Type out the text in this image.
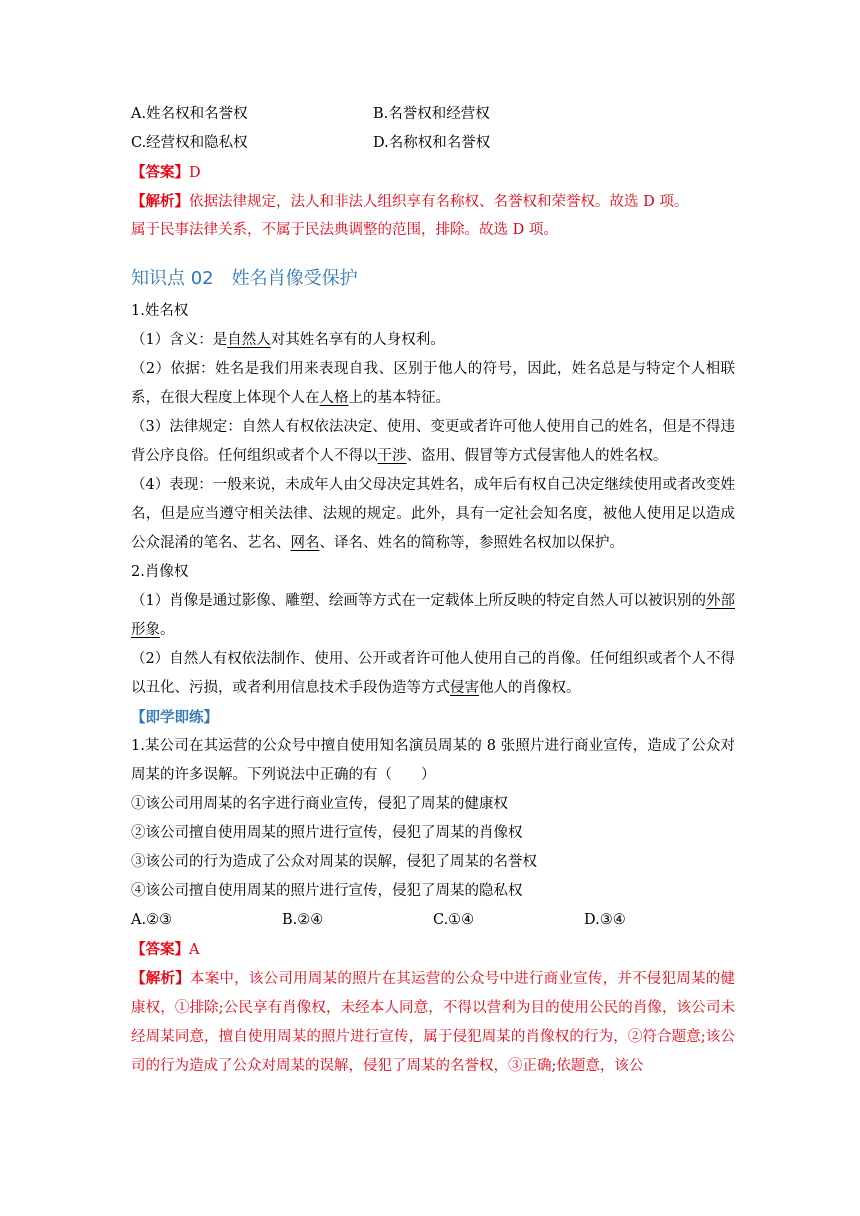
A.姓名权和名誉权	B.名誉权和经营权
C.经营权和隐私权	D.名称权和名誉权
【答案】D
【解析】依据法律规定，法人和非法人组织享有名称权、名誉权和荣誉权。故选 D 项。
属于民事法律关系，不属于民法典调整的范围，排除。故选 D 项。
知识点 02 姓名肖像受保护
1.姓名权
（1）含义：是自然人对其姓名享有的人身权利。
（2）依据：姓名是我们用来表现自我、区别于他人的符号，因此，姓名总是与特定个人相联系，在很大程度上体现个人在人格上的基本特征。
（3）法律规定：自然人有权依法决定、使用、变更或者许可他人使用自己的姓名，但是不得违背公序良俗。任何组织或者个人不得以干涉、盗用、假冒等方式侵害他人的姓名权。
（4）表现：一般来说，未成年人由父母决定其姓名，成年后有权自己决定继续使用或者改变姓名，但是应当遵守相关法律、法规的规定。此外，具有一定社会知名度，被他人使用足以造成公众混淆的笔名、艺名、网名、译名、姓名的简称等，参照姓名权加以保护。
2.肖像权
（1）肖像是通过影像、雕塑、绘画等方式在一定载体上所反映的特定自然人可以被识别的外部形象。
（2）自然人有权依法制作、使用、公开或者许可他人使用自己的肖像。任何组织或者个人不得以丑化、污损，或者利用信息技术手段伪造等方式侵害他人的肖像权。
【即学即练】
1.某公司在其运营的公众号中擅自使用知名演员周某的 8 张照片进行商业宣传，造成了公众对周某的许多误解。下列说法中正确的有（　　）
①该公司用周某的名字进行商业宣传，侵犯了周某的健康权
②该公司擅自使用周某的照片进行宣传，侵犯了周某的肖像权
③该公司的行为造成了公众对周某的误解，侵犯了周某的名誉权
④该公司擅自使用周某的照片进行宣传，侵犯了周某的隐私权
A.②③	B.②④	C.①④	D.③④
【答案】A
【解析】本案中，该公司用周某的照片在其运营的公众号中进行商业宣传，并不侵犯周某的健康权，①排除;公民享有肖像权，未经本人同意，不得以营利为目的使用公民的肖像，该公司未经周某同意，擅自使用周某的照片进行宣传，属于侵犯周某的肖像权的行为，②符合题意;该公司的行为造成了公众对周某的误解，侵犯了周某的名誉权，③正确;依题意，该公
